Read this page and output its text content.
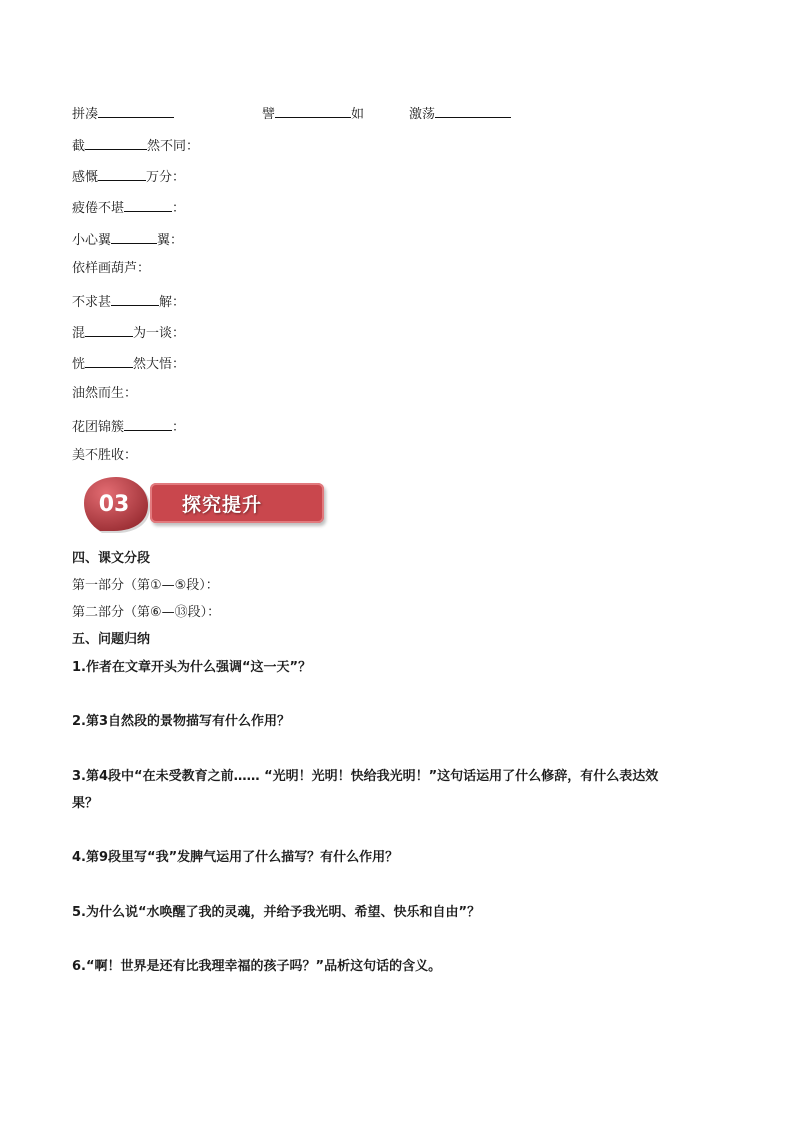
拼凑	譬	如	激荡
截	然不同：
感慨	万分：
疲倦不堪	：
小心翼	翼：
依样画葫芦：
不求甚	解：
混	为一谈：
恍	然大悟：
油然而生：
花团锦簇	：
美不胜收：
03	探究提升
四、课文分段
第一部分（第①—⑤段）：
第二部分（第⑥—⑬段）：
五、问题归纳
1.作者在文章开头为什么强调“这一天”？
2.第3自然段的景物描写有什么作用？
3.第4段中“在未受教育之前…… “光明！光明！快给我光明！”这句话运用了什么修辞，有什么表达效
果？
4.第9段里写“我”发脾气运用了什么描写？有什么作用？
5.为什么说“水唤醒了我的灵魂，并给予我光明、希望、快乐和自由”？
6.“啊！世界是还有比我理幸福的孩子吗？”品析这句话的含义。
